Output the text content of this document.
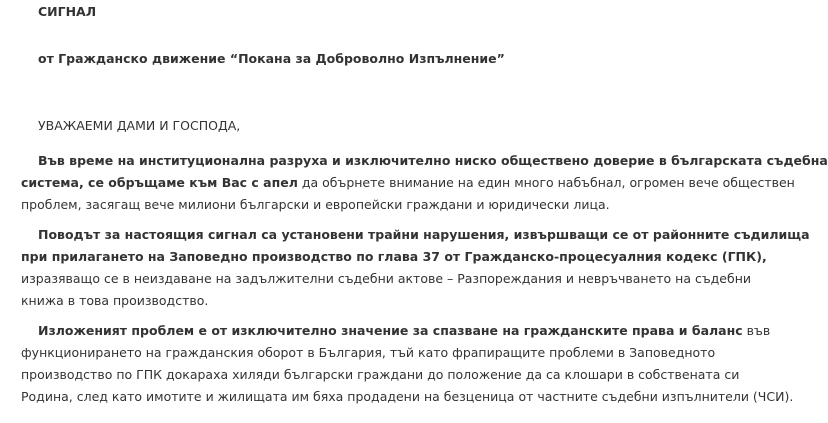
СИГНАЛ
от Гражданско движение “Покана за Доброволно Изпълнение”
УВАЖАЕМИ ДАМИ И ГОСПОДА,
Във време на институционална разруха и изключително ниско обществено доверие в българската съдебна
система, се обръщаме към Вас с апел да обърнете внимание на един много набъбнал, огромен вече обществен
проблем, засягащ вече милиони български и европейски граждани и юридически лица.
Поводът за настоящия сигнал са установени трайни нарушения, извършващи се от районните съдилища
при прилагането на Заповедно производство по глава 37 от Гражданско-процесуалния кодекс (ГПК),
изразяващо се в неиздаване на задължителни съдебни актове – Разпореждания и невръчването на съдебни
книжа в това производство.
Изложеният проблем е от изключително значение за спазване на гражданските права и баланс във
функционирането на гражданския оборот в България, тъй като фрапиращите проблеми в Заповедното
производство по ГПК докараха хиляди български граждани до положение да са клошари в собствената си
Родина, след като имотите и жилищата им бяха продадени на безценица от частните съдебни изпълнители (ЧСИ).
